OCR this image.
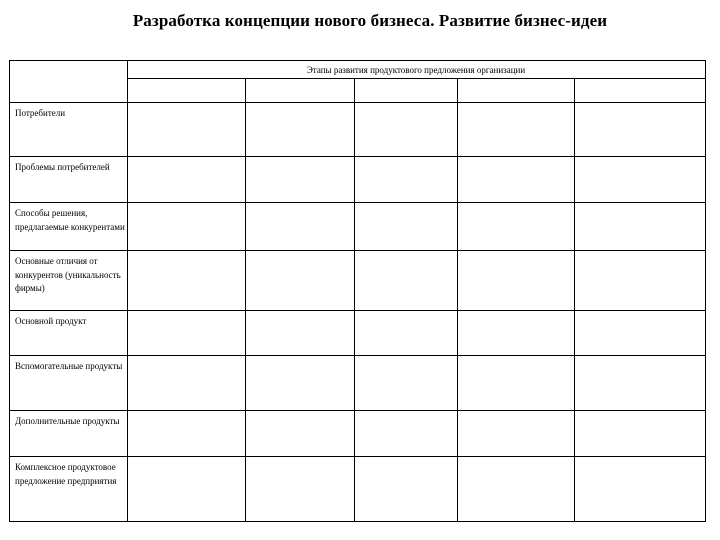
Разработка концепции нового бизнеса. Развитие бизнес-идеи
Потребители
Проблемы потребителей
Способы решения, предлагаемые конкурентами
Основные отличия от конкурентов (уникальность фирмы)
Основной продукт
Вспомогательные продукты
Дополнительные продукты
Комплексное продуктовое предложение предприятия
Этапы развития продуктового предложения организации
